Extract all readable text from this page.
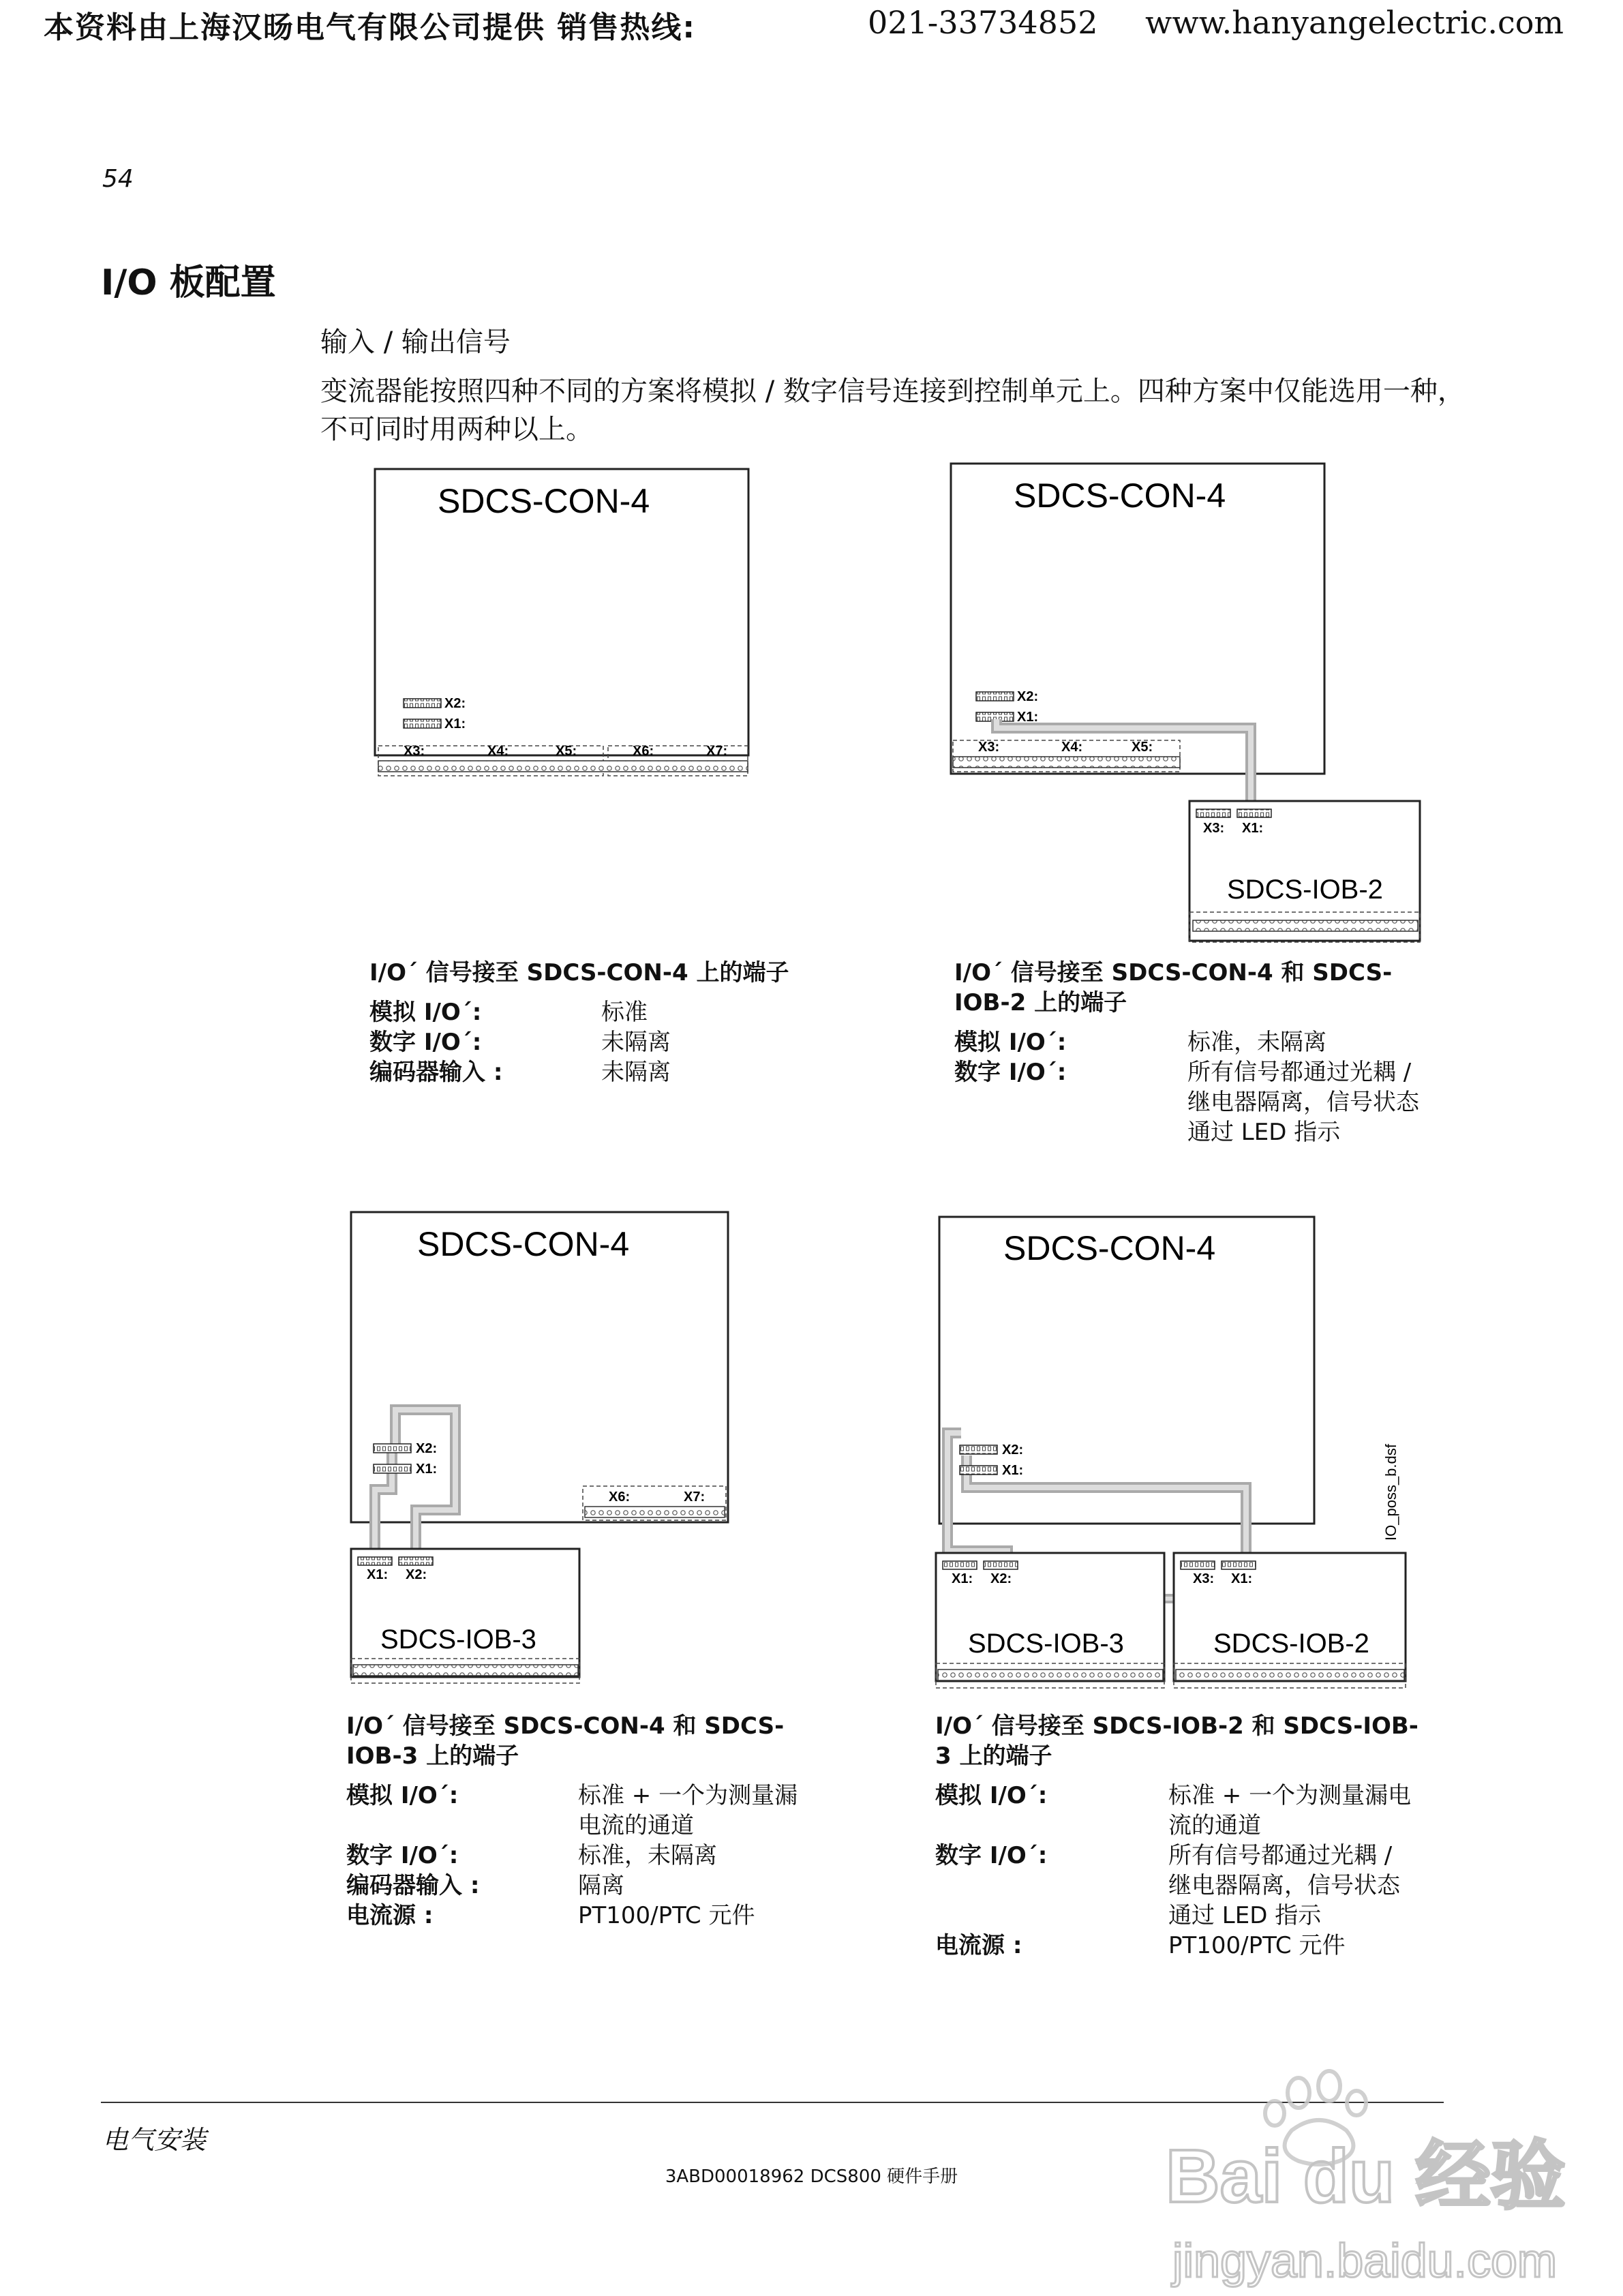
本资料由上海汉旸电气有限公司提供 销售热线:	021-33734852 www.hanyangelectric.com
54
I/O 板配置
输入 / 输出信号
变流器能按照四种不同的方案将模拟 / 数字信号连接到控制单元上。四种方案中仅能选用一种，不可同时用两种以上。
SDCS-CON-4
X2:
X1:
X3:	X4:	X5:	X6:	X7:
SDCS-CON-4
X2:
X1:
X3:	X4:	X5:
X3: X1:
SDCS-IOB-2
SDCS-CON-4
X2:
X1:
X6:	X7:
X1: X2:
SDCS-IOB-3
SDCS-CON-4
X2:
X1:
X1: X2:
SDCS-IOB-3
X3: X1:
SDCS-IOB-2
IO_poss_b.dsf
I/O´ 信号接至 SDCS-CON-4 上的端子
模拟 I/O´:	标准
数字 I/O´:	未隔离
编码器输入 :	未隔离
I/O´ 信号接至 SDCS-CON-4 和 SDCS-IOB-2 上的端子
模拟 I/O´:	标准，未隔离
数字 I/O´:	所有信号都通过光耦 / 继电器隔离，信号状态通过 LED 指示
I/O´ 信号接至 SDCS-CON-4 和 SDCS-IOB-3 上的端子
模拟 I/O´:	标准 + 一个为测量漏电流的通道
数字 I/O´:	标准，未隔离
编码器输入 :	隔离
电流源 :	PT100/PTC 元件
I/O´ 信号接至 SDCS-IOB-2 和 SDCS-IOB-3 上的端子
模拟 I/O´:	标准 + 一个为测量漏电流的通道
数字 I/O´:	所有信号都通过光耦 / 继电器隔离，信号状态通过 LED 指示
电流源 :	PT100/PTC 元件
电气安装
3ABD00018962 DCS800 硬件手册	Bai du 经验
jingyan.baidu.com
